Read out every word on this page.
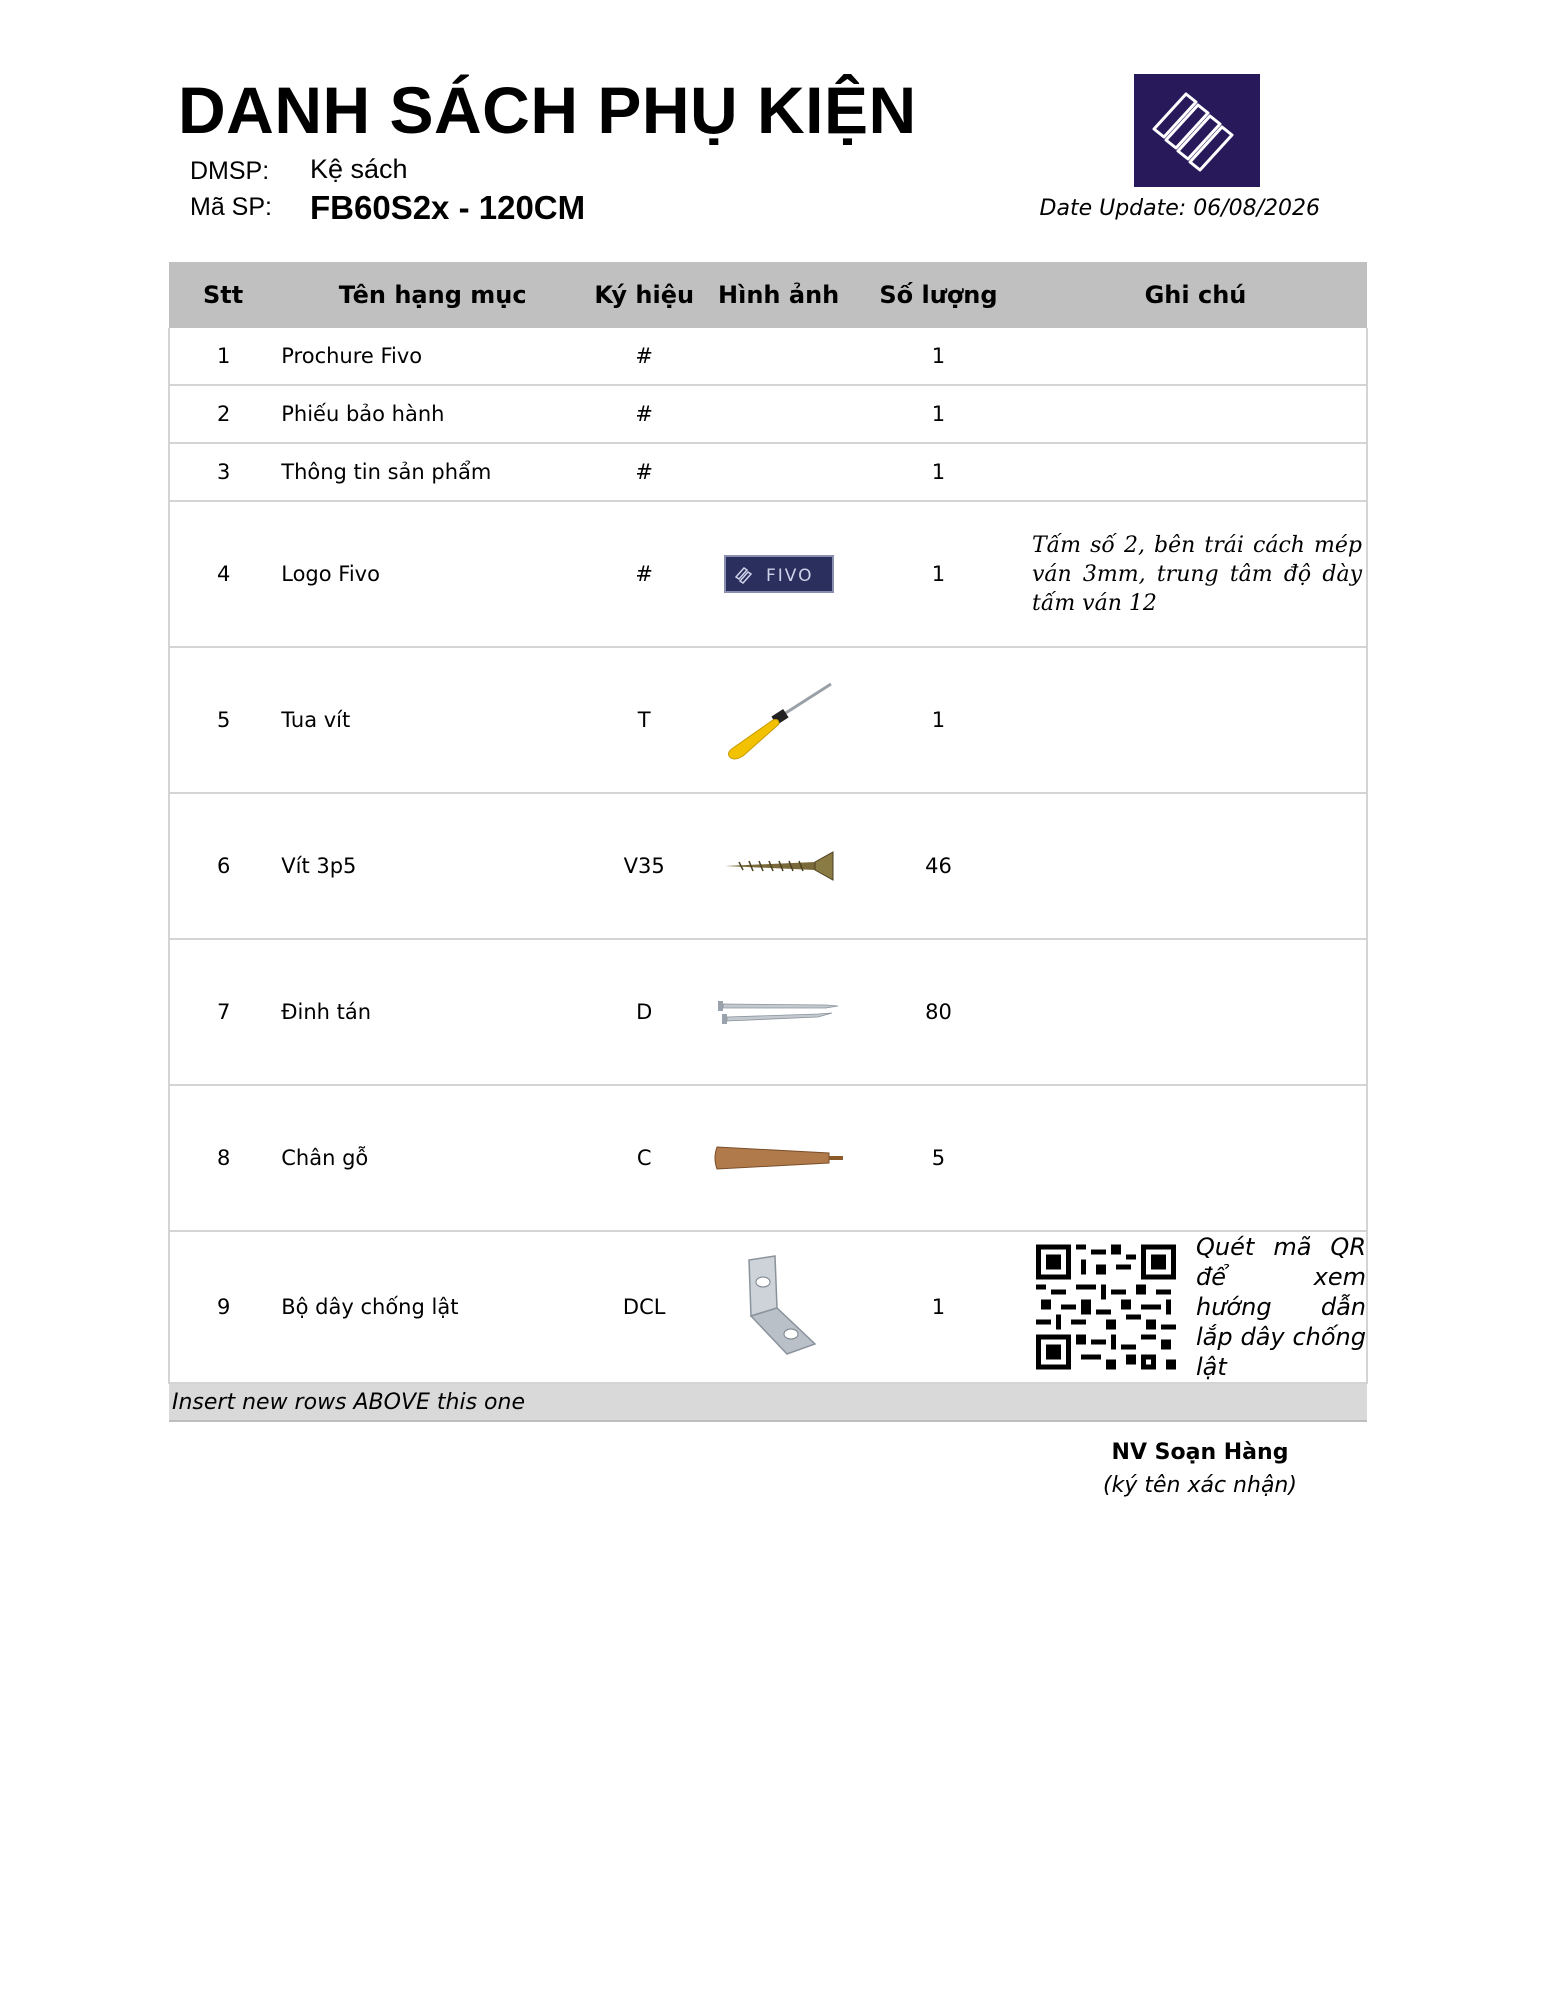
DANH SÁCH PHỤ KIỆN
DMSP: Kệ sách
Mã SP: FB60S2x - 120CM	Date Update: 06/08/2026
Stt	Tên hạng mục	Ký hiệu	Hình ảnh	Số lượng	Ghi chú
1	Prochure Fivo	#		1	
2	Phiếu bảo hành	#		1	
3	Thông tin sản phẩm	#		1	
4	Logo Fivo	#	FIVO	1	Tấm số 2, bên trái cách mép ván 3mm, trung tâm độ dày tấm ván 12

5	Tua vít	T		1	
6	Vít 3p5	V35		46	
7	Đinh tán	D		80	
8	Chân gỗ	C		5	
9	Bộ dây chống lật	DCL		1	Quét mã QR để xem hướng dẫn lắp dây chống lật

Insert new rows ABOVE this one					
NV Soạn Hàng
(ký tên xác nhận)
